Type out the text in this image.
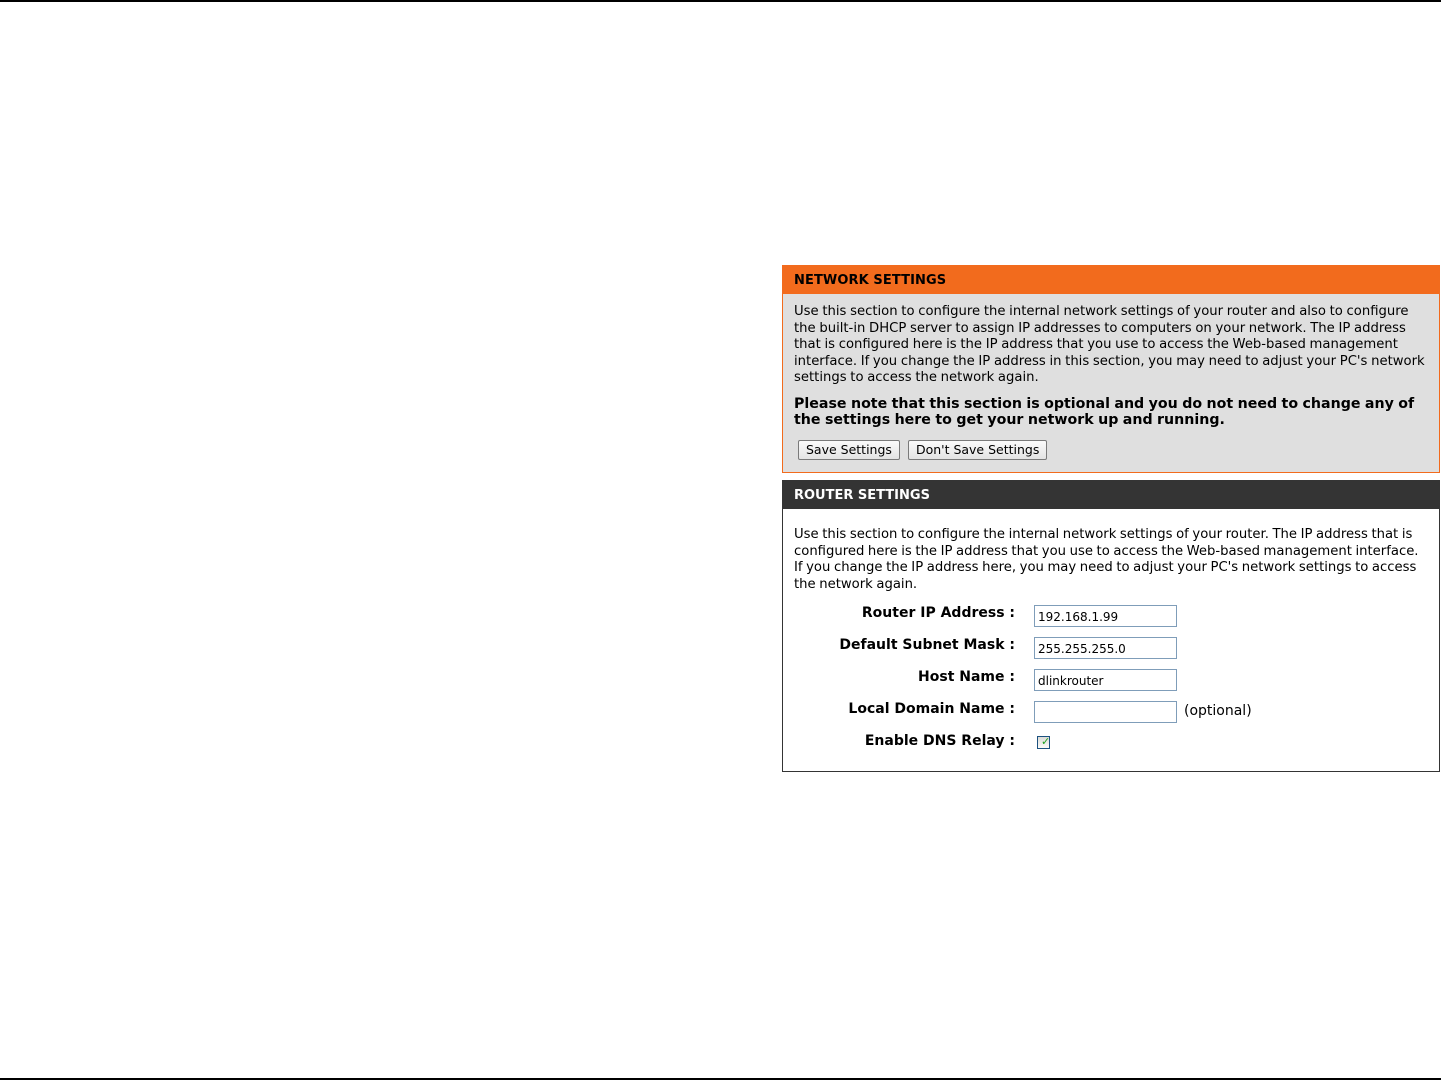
NETWORK SETTINGS

Use this section to configure the internal network settings of your router and also to configure the built-in DHCP server to assign IP addresses to computers on your network. The IP address that is configured here is the IP address that you use to access the Web-based management interface. If you change the IP address in this section, you may need to adjust your PC's network settings to access the network again.

Please note that this section is optional and you do not need to change any of the settings here to get your network up and running.

Save Settings Don't Save Settings
ROUTER SETTINGS

Use this section to configure the internal network settings of your router. The IP address that is configured here is the IP address that you use to access the Web-based management interface. If you change the IP address here, you may need to adjust your PC's network settings to access the network again.

Router IP Address :
192.168.1.99
Default Subnet Mask :
255.255.255.0
Host Name :
dlinkrouter
Local Domain Name :	(optional)
Enable DNS Relay : ✓
